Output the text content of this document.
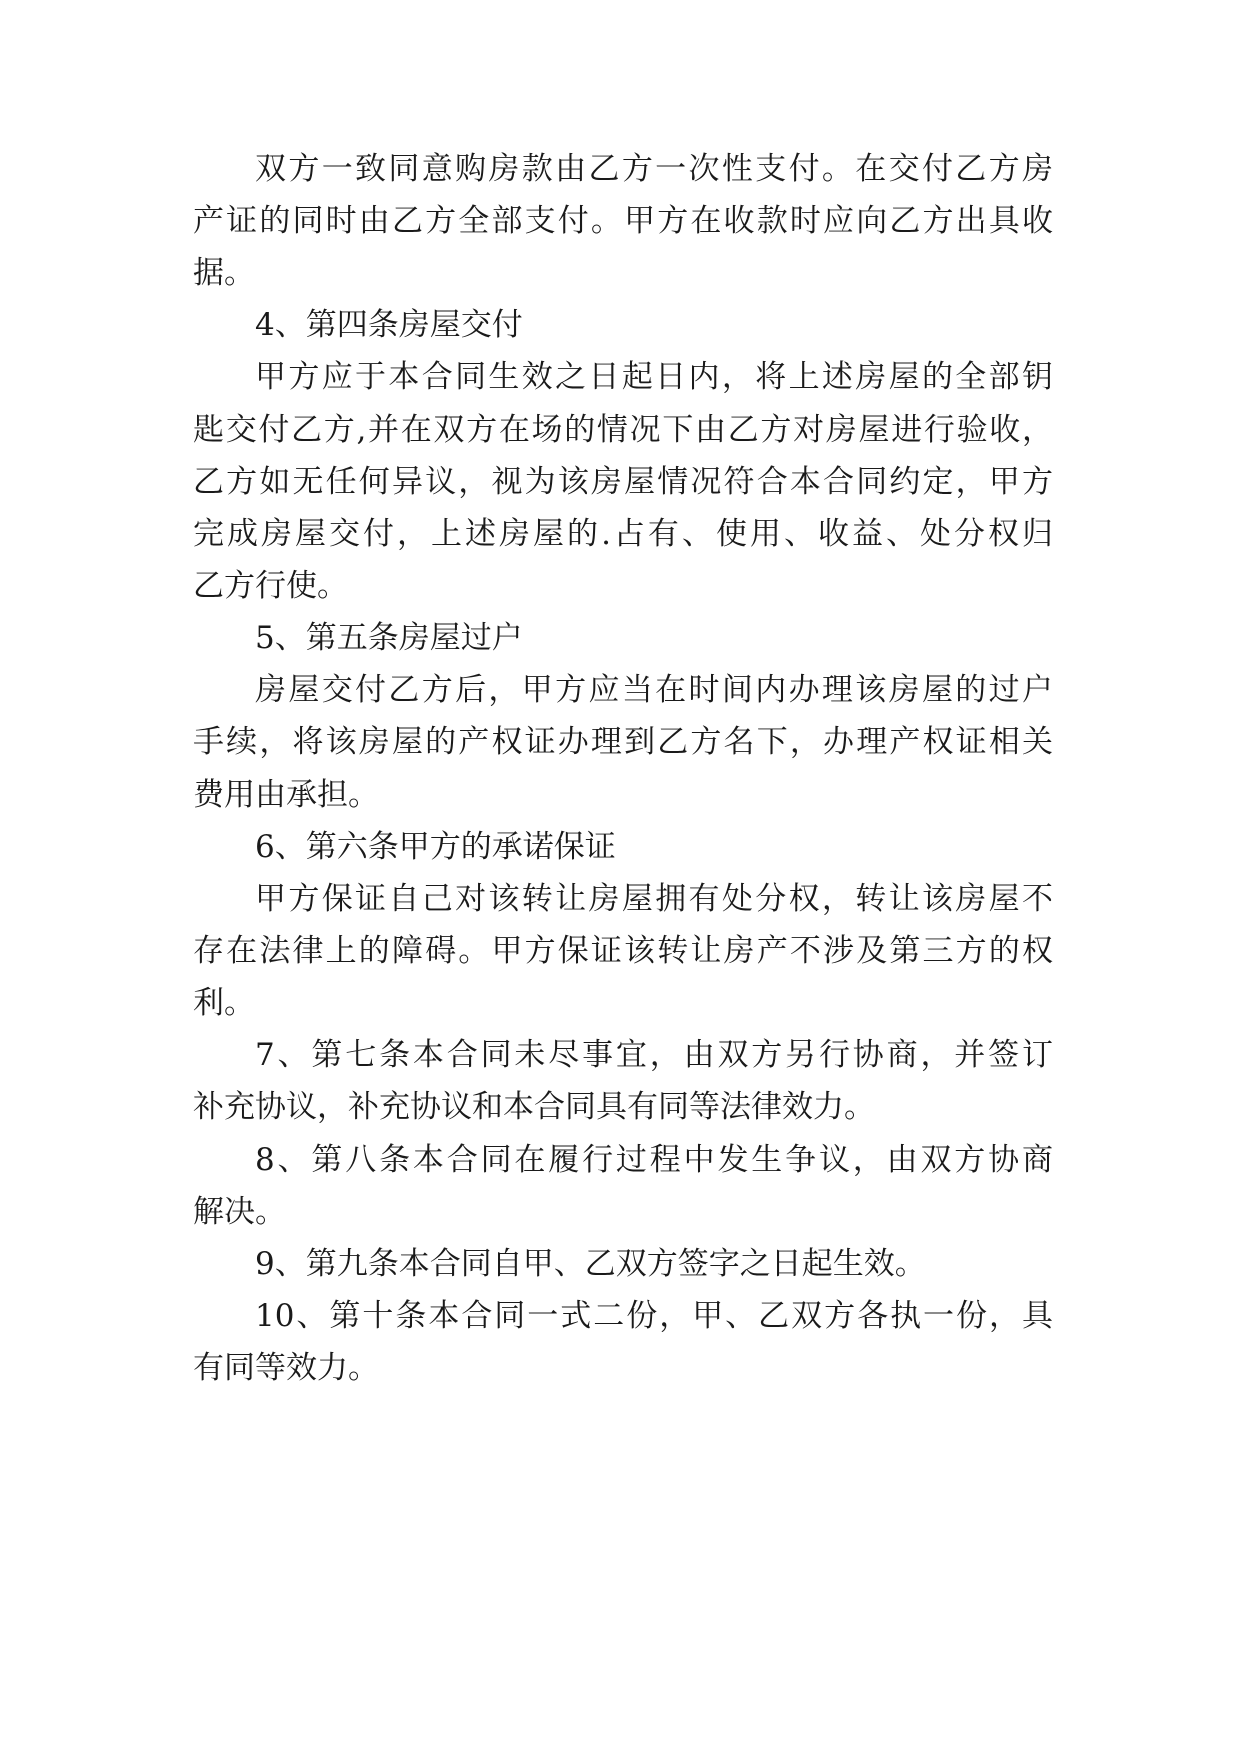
双方一致同意购房款由乙方一次性支付。在交付乙方房
产证的同时由乙方全部支付。甲方在收款时应向乙方出具收
据。
4、第四条房屋交付
甲方应于本合同生效之日起日内，将上述房屋的全部钥
匙交付乙方,并在双方在场的情况下由乙方对房屋进行验收，
乙方如无任何异议，视为该房屋情况符合本合同约定，甲方
完成房屋交付，上述房屋的.占有、使用、收益、处分权归
乙方行使。
5、第五条房屋过户
房屋交付乙方后，甲方应当在时间内办理该房屋的过户
手续，将该房屋的产权证办理到乙方名下，办理产权证相关
费用由承担。
6、第六条甲方的承诺保证
甲方保证自己对该转让房屋拥有处分权，转让该房屋不
存在法律上的障碍。甲方保证该转让房产不涉及第三方的权
利。
7、第七条本合同未尽事宜，由双方另行协商，并签订
补充协议，补充协议和本合同具有同等法律效力。
8、第八条本合同在履行过程中发生争议，由双方协商
解决。
9、第九条本合同自甲、乙双方签字之日起生效。
10、第十条本合同一式二份，甲、乙双方各执一份，具
有同等效力。
